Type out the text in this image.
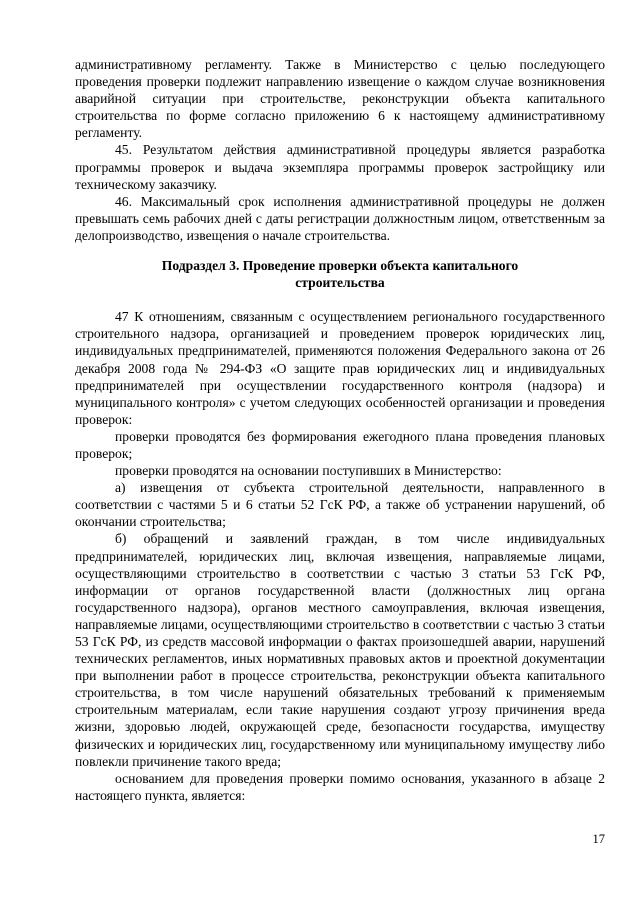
административному регламенту. Также в Министерство с целью последующего проведения проверки подлежит направлению извещение о каждом случае возникновения аварийной ситуации при строительстве, реконструкции объекта капитального строительства по форме согласно приложению 6 к настоящему административному регламенту.

45. Результатом действия административной процедуры является разработка программы проверок и выдача экземпляра программы проверок застройщику или техническому заказчику.

46. Максимальный срок исполнения административной процедуры не должен превышать семь рабочих дней с даты регистрации должностным лицом, ответственным за делопроизводство, извещения о начале строительства.

Подраздел 3. Проведение проверки объекта капитального
строительства

47 К отношениям, связанным с осуществлением регионального государственного строительного надзора, организацией и проведением проверок юридических лиц, индивидуальных предпринимателей, применяются положения Федерального закона от 26 декабря 2008 года № 294-ФЗ «О защите прав юридических лиц и индивидуальных предпринимателей при осуществлении государственного контроля (надзора) и муниципального контроля» с учетом следующих особенностей организации и проведения проверок:

проверки проводятся без формирования ежегодного плана проведения плановых проверок;

проверки проводятся на основании поступивших в Министерство:

а) извещения от субъекта строительной деятельности, направленного в соответствии с частями 5 и 6 статьи 52 ГсК РФ, а также об устранении нарушений, об окончании строительства;

б) обращений и заявлений граждан, в том числе индивидуальных предпринимателей, юридических лиц, включая извещения, направляемые лицами, осуществляющими строительство в соответствии с частью 3 статьи 53 ГсК РФ, информации от органов государственной власти (должностных лиц органа государственного надзора), органов местного самоуправления, включая извещения, направляемые лицами, осуществляющими строительство в соответствии с частью 3 статьи 53 ГсК РФ, из средств массовой информации о фактах произошедшей аварии, нарушений технических регламентов, иных нормативных правовых актов и проектной документации при выполнении работ в процессе строительства, реконструкции объекта капитального строительства, в том числе нарушений обязательных требований к применяемым строительным материалам, если такие нарушения создают угрозу причинения вреда жизни, здоровью людей, окружающей среде, безопасности государства, имуществу физических и юридических лиц, государственному или муниципальному имуществу либо повлекли причинение такого вреда;

основанием для проведения проверки помимо основания, указанного в абзаце 2 настоящего пункта, является:

17
